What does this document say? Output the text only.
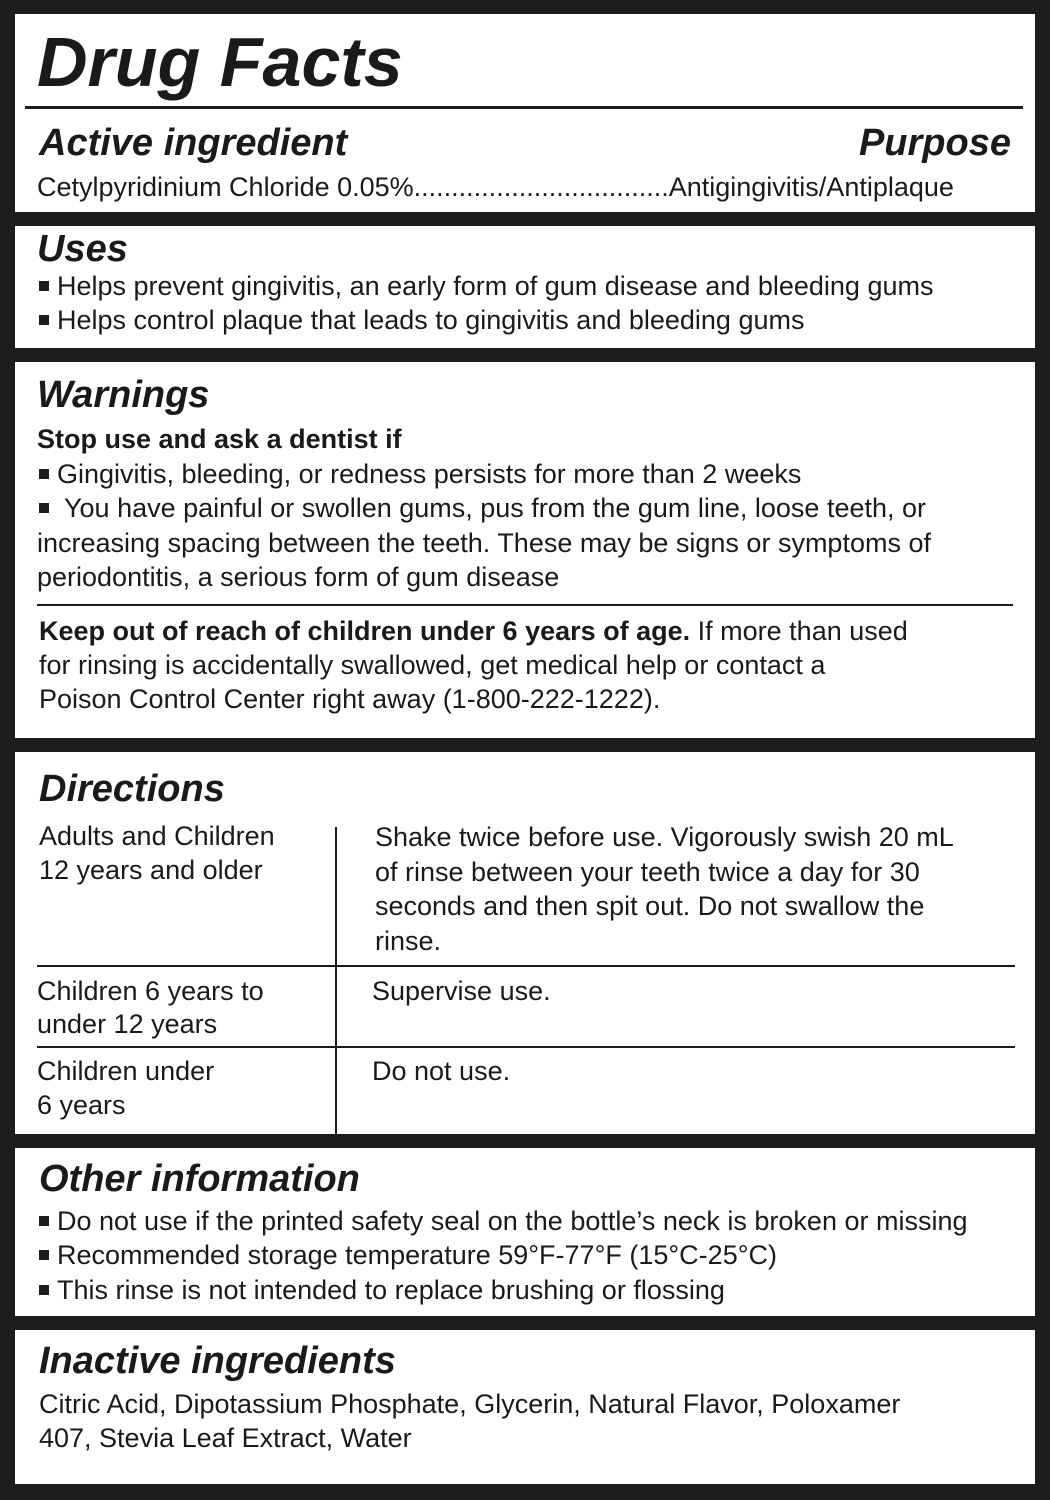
Drug Facts
Active ingredient	Purpose
Cetylpyridinium Chloride 0.05%..................................Antigingivitis/Antiplaque
Uses
Helps prevent gingivitis, an early form of gum disease and bleeding gums
Helps control plaque that leads to gingivitis and bleeding gums
Warnings
Stop use and ask a dentist if
Gingivitis, bleeding, or redness persists for more than 2 weeks
You have painful or swollen gums, pus from the gum line, loose teeth, or
increasing spacing between the teeth. These may be signs or symptoms of
periodontitis, a serious form of gum disease
Keep out of reach of children under 6 years of age. If more than used
for rinsing is accidentally swallowed, get medical help or contact a
Poison Control Center right away (1-800-222-1222).
Directions
Adults and Children
12 years and older
Shake twice before use. Vigorously swish 20 mL
of rinse between your teeth twice a day for 30
seconds and then spit out. Do not swallow the
rinse.
Children 6 years to
under 12 years
Supervise use.
Children under
6 years
Do not use.
Other information
Do not use if the printed safety seal on the bottle’s neck is broken or missing
Recommended storage temperature 59°F-77°F (15°C-25°C)
This rinse is not intended to replace brushing or flossing
Inactive ingredients
Citric Acid, Dipotassium Phosphate, Glycerin, Natural Flavor, Poloxamer
407, Stevia Leaf Extract, Water
